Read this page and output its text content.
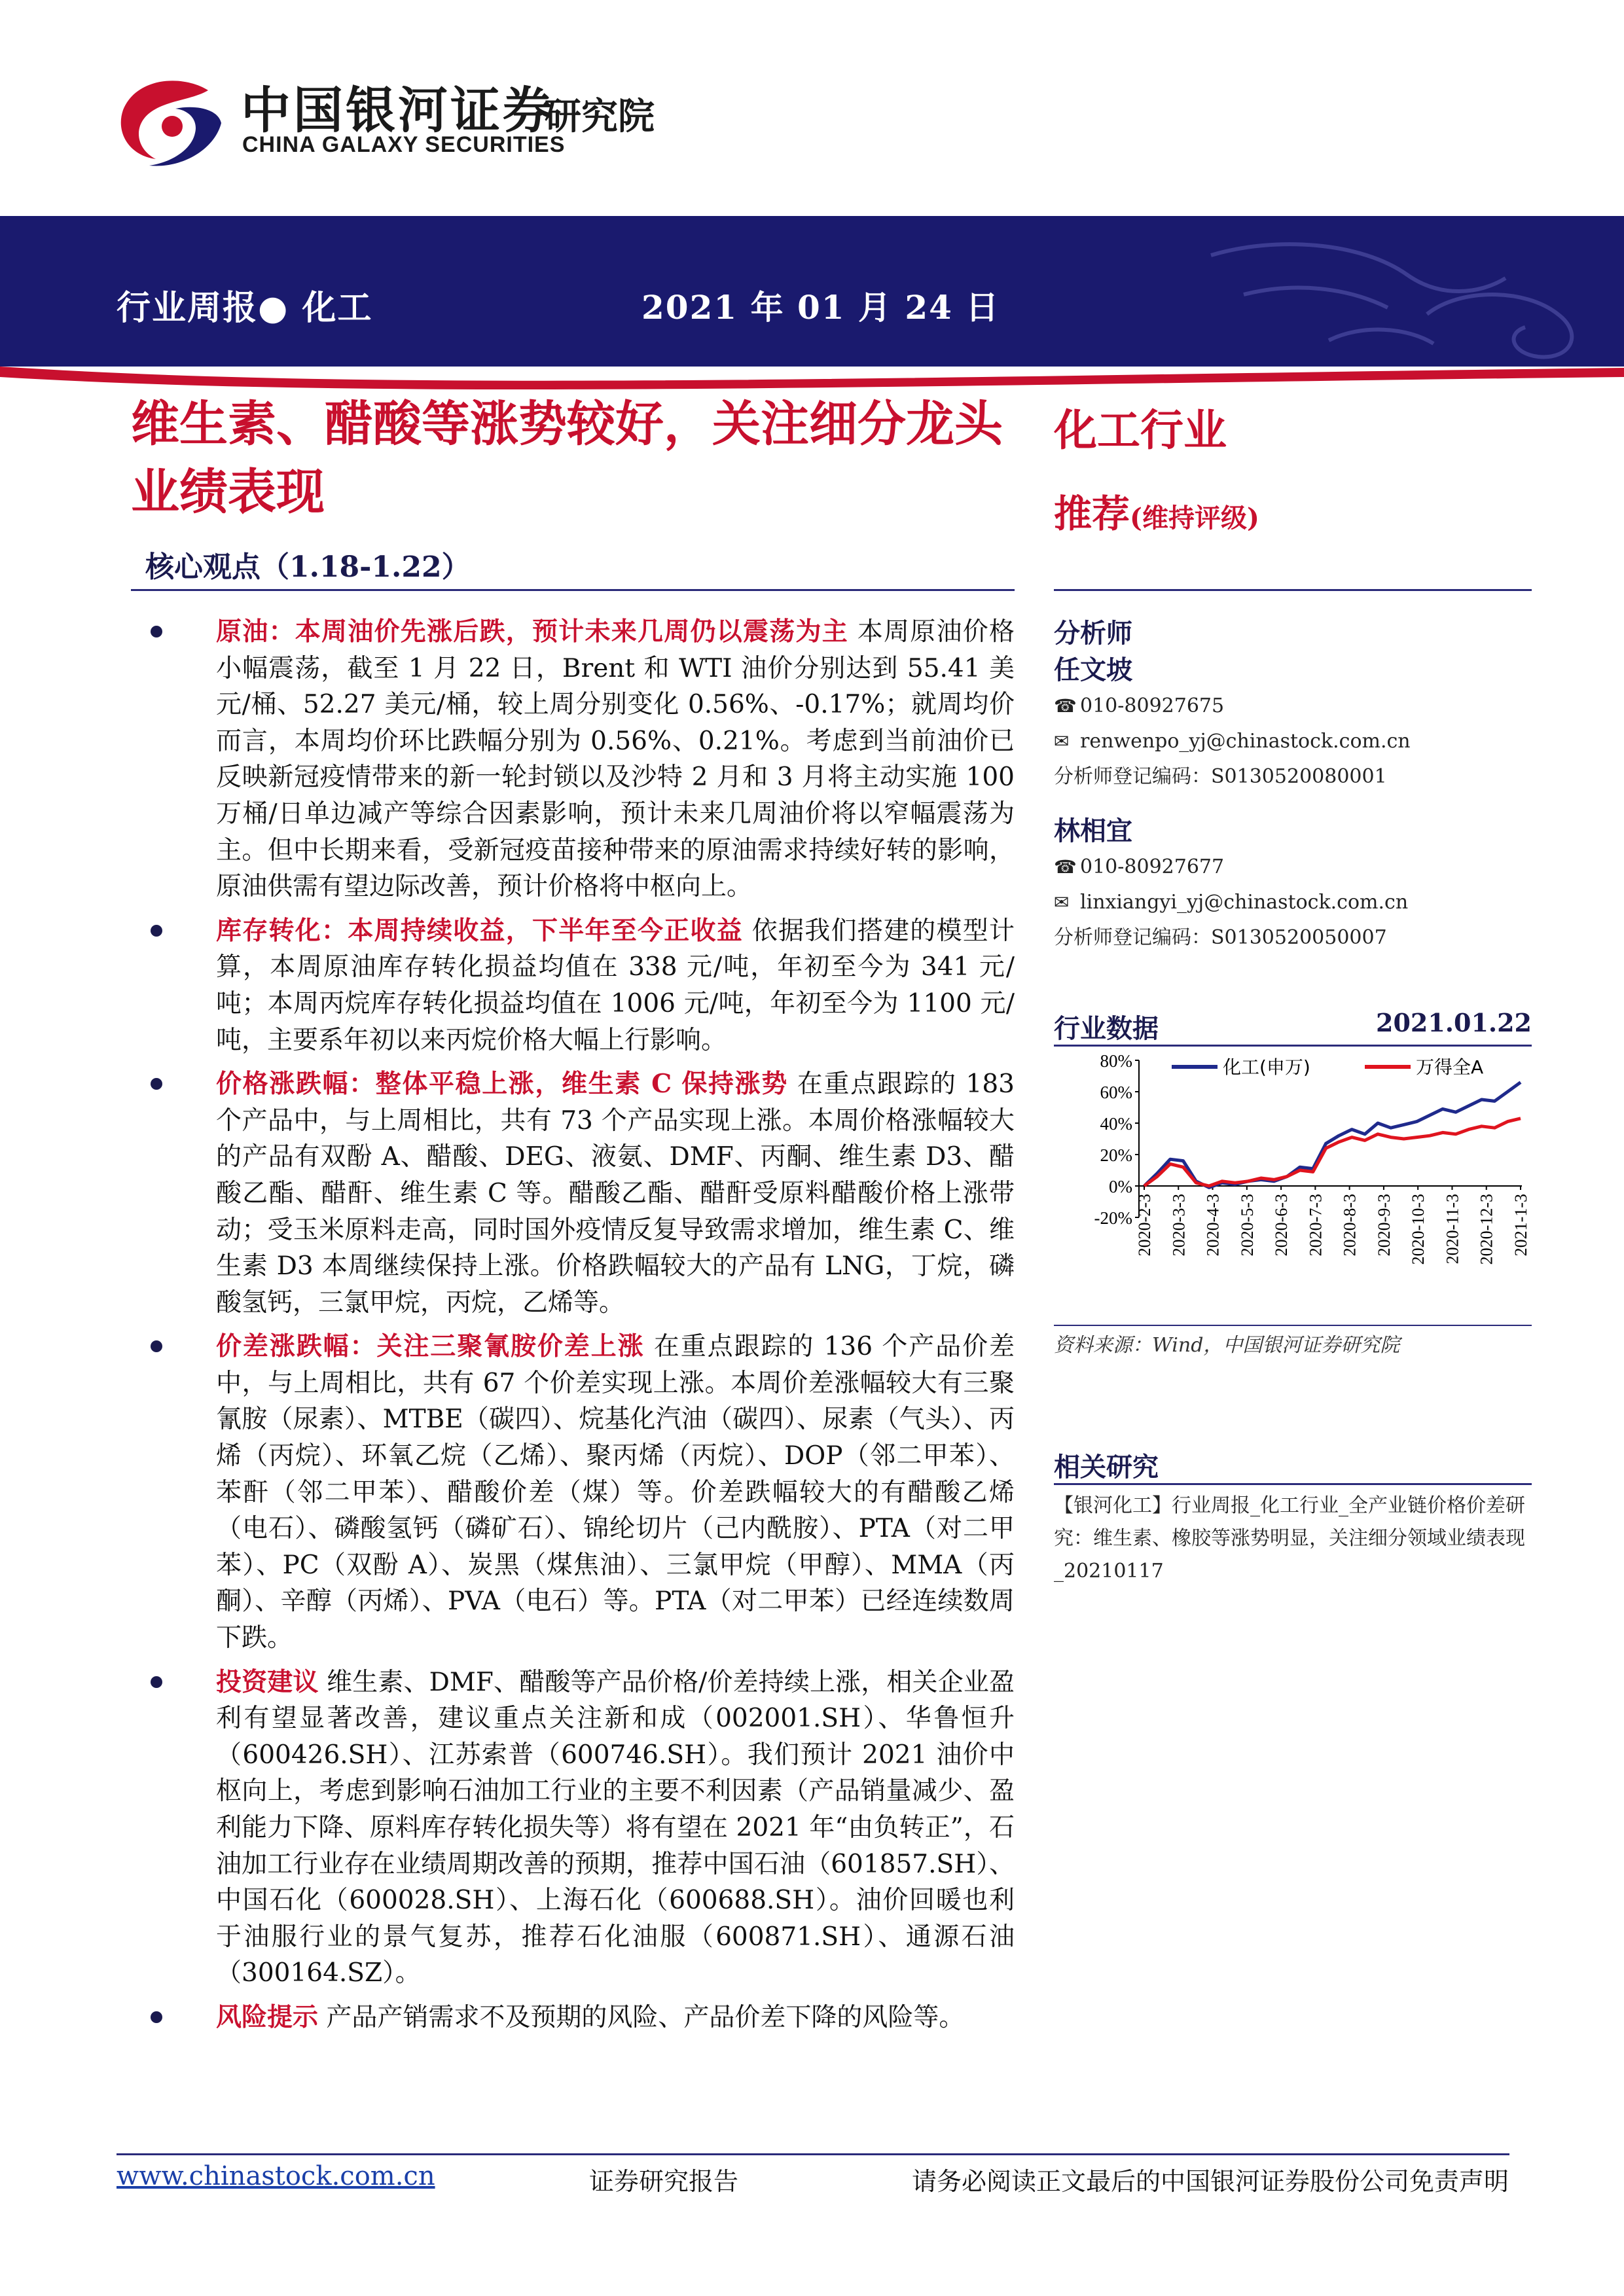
中国银河证券
CHINA GALAXY SECURITIES
研究院
行业周报● 化工	2021 年 01 月 24 日
维生素、醋酸等涨势较好，关注细分龙头业绩表现
化工行业
推荐(维持评级)
核心观点（1.18-1.22）
原油：本周油价先涨后跌，预计未来几周仍以震荡为主 本周原油价格小幅震荡，截至 1 月 22 日，Brent 和 WTI 油价分别达到 55.41 美元/桶、52.27 美元/桶，较上周分别变化 0.56%、-0.17%；就周均价而言，本周均价环比跌幅分别为 0.56%、0.21%。考虑到当前油价已反映新冠疫情带来的新一轮封锁以及沙特 2 月和 3 月将主动实施 100 万桶/日单边减产等综合因素影响，预计未来几周油价将以窄幅震荡为主。但中长期来看，受新冠疫苗接种带来的原油需求持续好转的影响，原油供需有望边际改善，预计价格将中枢向上。
库存转化：本周持续收益，下半年至今正收益 依据我们搭建的模型计算，本周原油库存转化损益均值在 338 元/吨，年初至今为 341 元/吨；本周丙烷库存转化损益均值在 1006 元/吨，年初至今为 1100 元/吨，主要系年初以来丙烷价格大幅上行影响。
价格涨跌幅：整体平稳上涨，维生素 C 保持涨势 在重点跟踪的 183 个产品中，与上周相比，共有 73 个产品实现上涨。本周价格涨幅较大的产品有双酚 A、醋酸、DEG、液氨、DMF、丙酮、维生素 D3、醋酸乙酯、醋酐、维生素 C 等。醋酸乙酯、醋酐受原料醋酸价格上涨带动；受玉米原料走高，同时国外疫情反复导致需求增加，维生素 C、维生素 D3 本周继续保持上涨。价格跌幅较大的产品有 LNG，丁烷，磷酸氢钙，三氯甲烷，丙烷，乙烯等。
价差涨跌幅：关注三聚氰胺价差上涨 在重点跟踪的 136 个产品价差中，与上周相比，共有 67 个价差实现上涨。本周价差涨幅较大有三聚氰胺（尿素）、MTBE（碳四）、烷基化汽油（碳四）、尿素（气头）、丙烯（丙烷）、环氧乙烷（乙烯）、聚丙烯（丙烷）、DOP（邻二甲苯）、苯酐（邻二甲苯）、醋酸价差（煤）等。价差跌幅较大的有醋酸乙烯（电石）、磷酸氢钙（磷矿石）、锦纶切片（己内酰胺）、PTA（对二甲苯）、PC（双酚 A）、炭黑（煤焦油）、三氯甲烷（甲醇）、MMA（丙酮）、辛醇（丙烯）、PVA（电石）等。PTA（对二甲苯）已经连续数周下跌。
投资建议 维生素、DMF、醋酸等产品价格/价差持续上涨，相关企业盈利有望显著改善，建议重点关注新和成（002001.SH）、华鲁恒升（600426.SH）、江苏索普（600746.SH）。我们预计 2021 油价中枢向上，考虑到影响石油加工行业的主要不利因素（产品销量减少、盈利能力下降、原料库存转化损失等）将有望在 2021 年“由负转正”，石油加工行业存在业绩周期改善的预期，推荐中国石油（601857.SH）、中国石化（600028.SH）、上海石化（600688.SH）。油价回暖也利于油服行业的景气复苏，推荐石化油服（600871.SH）、通源石油（300164.SZ）。
风险提示 产品产销需求不及预期的风险、产品价差下降的风险等。
分析师
任文坡
☎ 010-80927675
✉ renwenpo_yj@chinastock.com.cn
分析师登记编码：S0130520080001
林相宜
☎ 010-80927677
✉ linxiangyi_yj@chinastock.com.cn
分析师登记编码：S0130520050007
行业数据	2021.01.22
80%
60%
40%
20%
0%
-20% 2020-2-3 2020-3-3 2020-4-3 2020-5-3 2020-6-3 2020-7-3 2020-8-3 2020-9-3 2020-10-3 2020-11-3 2020-12-3 2021-1-3
化工(申万)	万得全A
资料来源：Wind，中国银河证券研究院
相关研究
【银河化工】行业周报_化工行业_全产业链价格价差研究：维生素、橡胶等涨势明显，关注细分领域业绩表现_20210117
www.chinastock.com.cn	证券研究报告	请务必阅读正文最后的中国银河证券股份公司免责声明
